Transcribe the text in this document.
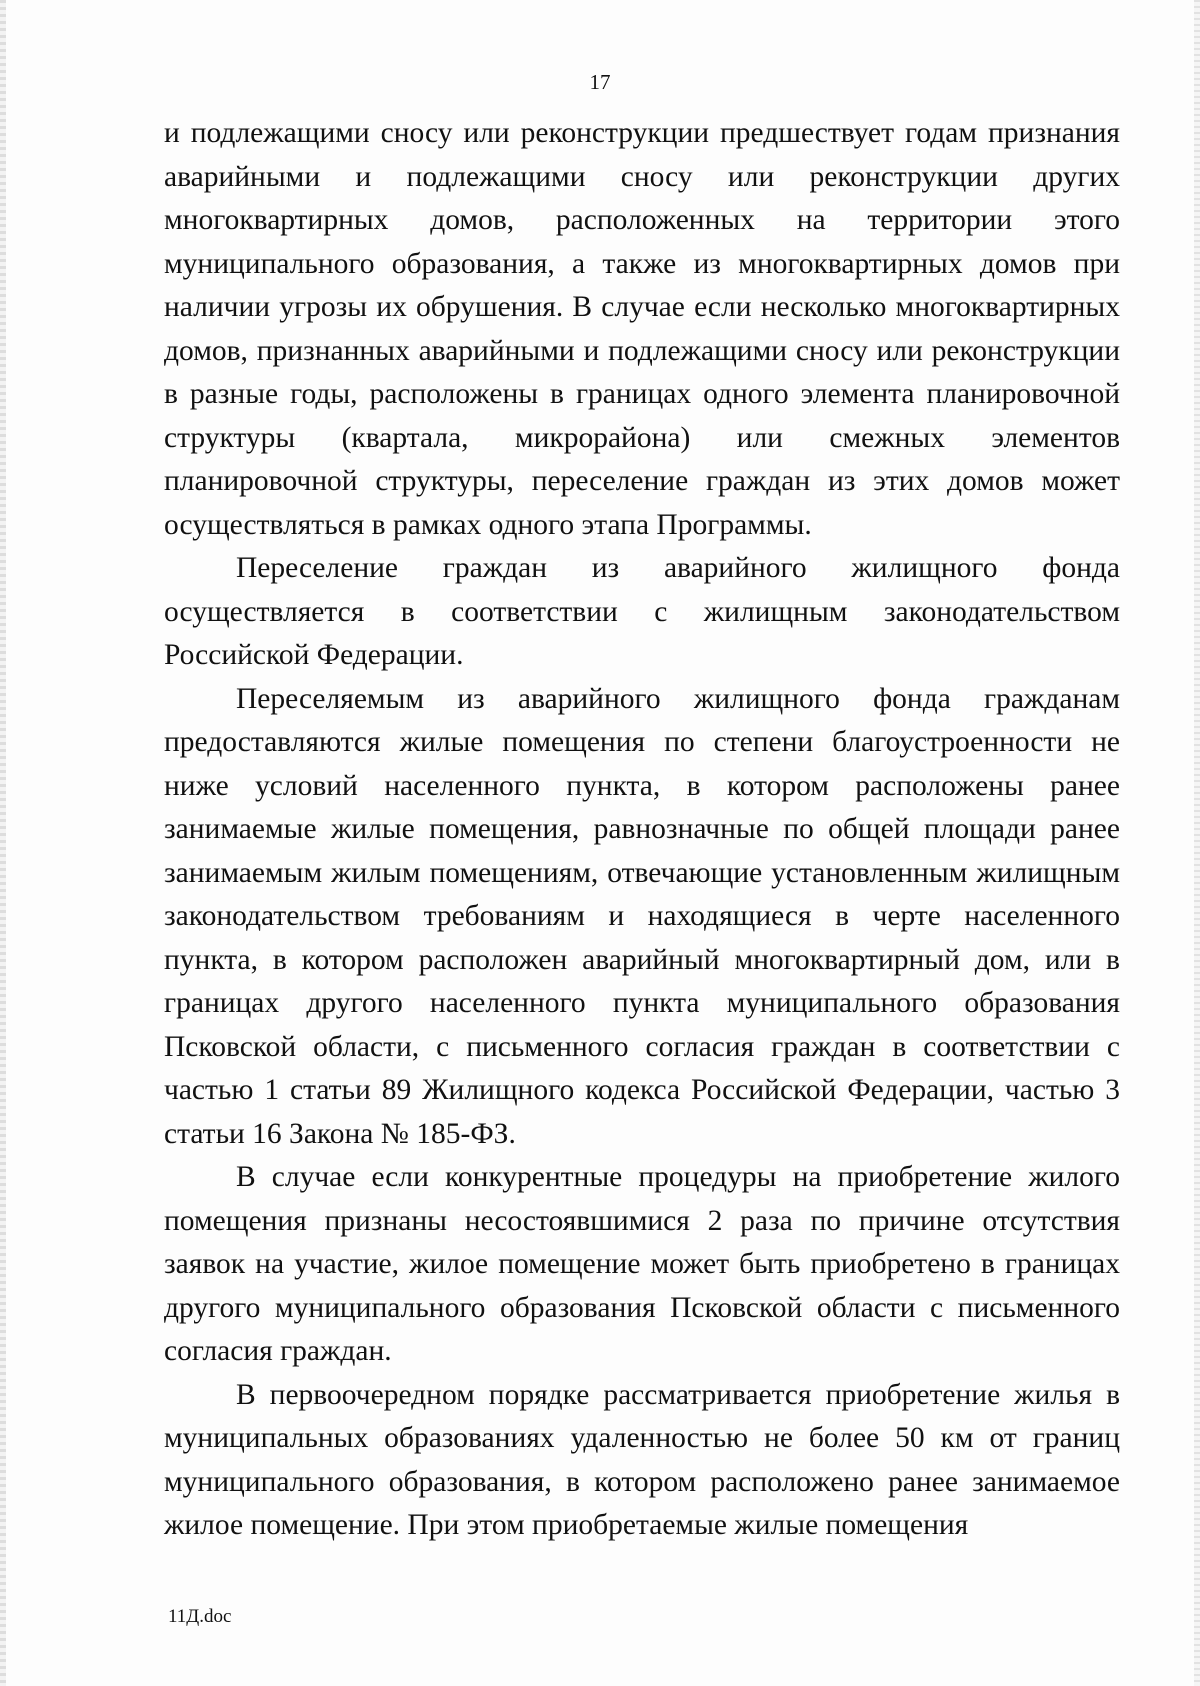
17

и подлежащими сносу или реконструкции предшествует годам признания аварийными и подлежащими сносу или реконструкции других многоквартирных домов, расположенных на территории этого муниципального образования, а также из многоквартирных домов при наличии угрозы их обрушения. В случае если несколько многоквартирных домов, признанных аварийными и подлежащими сносу или реконструкции в разные годы, расположены в границах одного элемента планировочной структуры (квартала, микрорайона) или смежных элементов планировочной структуры, переселение граждан из этих домов может осуществляться в рамках одного этапа Программы.

Переселение граждан из аварийного жилищного фонда осуществляется в соответствии с жилищным законодательством Российской Федерации.

Переселяемым из аварийного жилищного фонда гражданам предоставляются жилые помещения по степени благоустроенности не ниже условий населенного пункта, в котором расположены ранее занимаемые жилые помещения, равнозначные по общей площади ранее занимаемым жилым помещениям, отвечающие установленным жилищным законодательством требованиям и находящиеся в черте населенного пункта, в котором расположен аварийный многоквартирный дом, или в границах другого населенного пункта муниципального образования Псковской области, с письменного согласия граждан в соответствии с частью 1 статьи 89 Жилищного кодекса Российской Федерации, частью 3 статьи 16 Закона № 185-ФЗ.

В случае если конкурентные процедуры на приобретение жилого помещения признаны несостоявшимися 2 раза по причине отсутствия заявок на участие, жилое помещение может быть приобретено в границах другого муниципального образования Псковской области с письменного согласия граждан.

В первоочередном порядке рассматривается приобретение жилья в муниципальных образованиях удаленностью не более 50 км от границ муниципального образования, в котором расположено ранее занимаемое жилое помещение. При этом приобретаемые жилые помещения

11Д.doc
